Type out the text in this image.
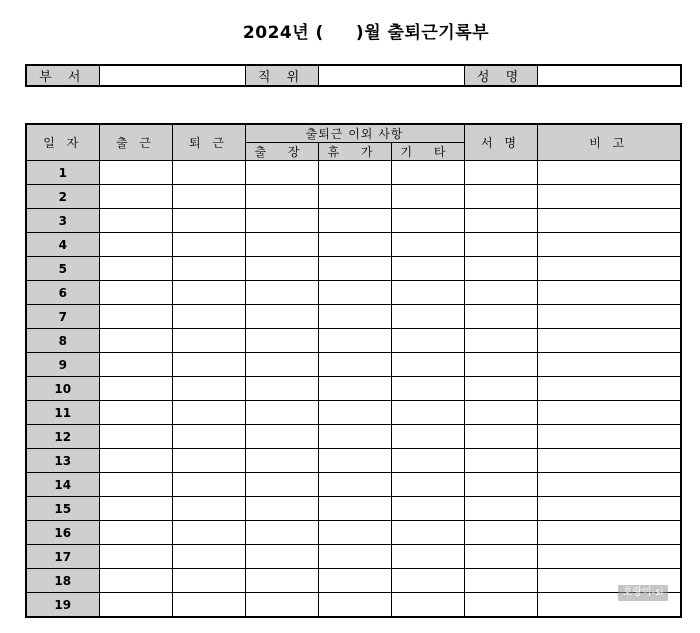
2024년 (     )월 출퇴근기록부
부 서		직 위		성 명	
일 자	출 근	퇴 근	출퇴근 이외 사항			서 명	비 고
			출 장	휴 가	기 타		
1							
2							
3							
4							
5							
6							
7							
8							
9							
10							
11							
12							
13							
14							
15							
16							
17							
18							
19							
호랑이-si
